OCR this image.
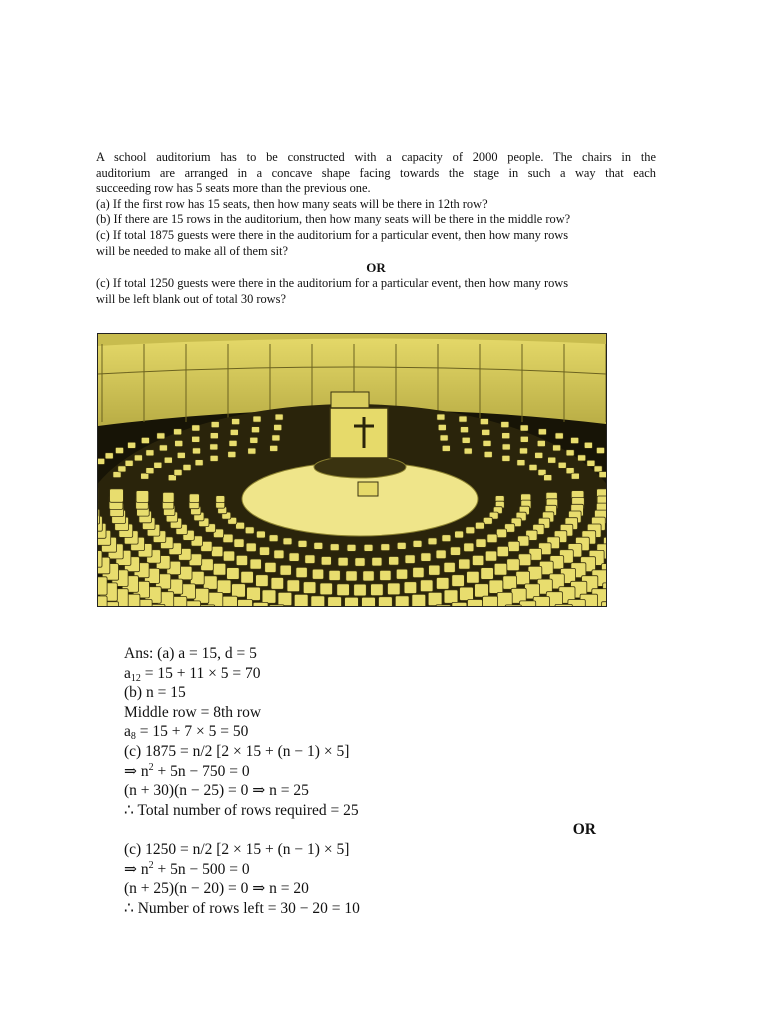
A school auditorium has to be constructed with a capacity of 2000 people. The chairs in the

auditorium are arranged in a concave shape facing towards the stage in such a way that each

succeeding row has 5 seats more than the previous one.

(a) If the first row has 15 seats, then how many seats will be there in 12th row?

(b) If there are 15 rows in the auditorium, then how many seats will be there in the middle row?

(c) If total 1875 guests were there in the auditorium for a particular event, then how many rows

will be needed to make all of them sit?

OR

(c) If total 1250 guests were there in the auditorium for a particular event, then how many rows

will be left blank out of total 30 rows?

Ans: (a) a = 15, d = 5

$a_{12} = 15 + 11 \times 5 = 70$

(b) n = 15

Middle row = 8th row

$a_8 = 15 + 7 \times 5 = 50$

(c) 1875 = n/2 [2 × 15 + (n − 1) × 5]

⇒ $n^2 + 5n - 750 = 0$

(n + 30)(n − 25) = 0 ⇒ n = 25

∴ Total number of rows required = 25

OR

(c) 1250 = n/2 [2 × 15 + (n − 1) × 5]

⇒ $n^2 + 5n - 500 = 0$

(n + 25)(n − 20) = 0 ⇒ n = 20

∴ Number of rows left = 30 − 20 = 10
